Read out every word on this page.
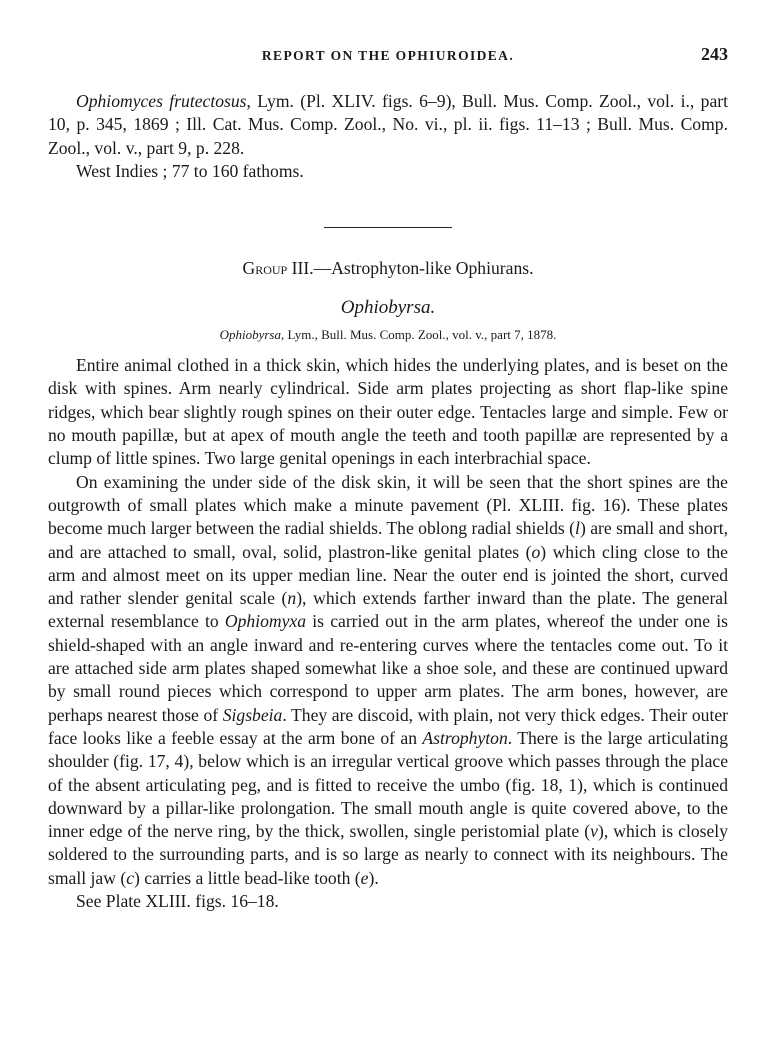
REPORT ON THE OPHIUROIDEA.	243

Ophiomyces frutectosus, Lym. (Pl. XLIV. figs. 6–9), Bull. Mus. Comp. Zool., vol. i., part 10, p. 345, 1869 ; Ill. Cat. Mus. Comp. Zool., No. vi., pl. ii. figs. 11–13 ; Bull. Mus. Comp. Zool., vol. v., part 9, p. 228.

West Indies ; 77 to 160 fathoms.

Group III.—Astrophyton-like Ophiurans.
Ophiobyrsa.
Ophiobyrsa, Lym., Bull. Mus. Comp. Zool., vol. v., part 7, 1878.

Entire animal clothed in a thick skin, which hides the underlying plates, and is beset on the disk with spines. Arm nearly cylindrical. Side arm plates projecting as short flap-like spine ridges, which bear slightly rough spines on their outer edge. Tentacles large and simple. Few or no mouth papillæ, but at apex of mouth angle the teeth and tooth papillæ are represented by a clump of little spines. Two large genital openings in each interbrachial space.

On examining the under side of the disk skin, it will be seen that the short spines are the outgrowth of small plates which make a minute pavement (Pl. XLIII. fig. 16). These plates become much larger between the radial shields. The oblong radial shields (l) are small and short, and are attached to small, oval, solid, plastron-like genital plates (o) which cling close to the arm and almost meet on its upper median line. Near the outer end is jointed the short, curved and rather slender genital scale (n), which extends farther inward than the plate. The general external resemblance to Ophiomyxa is carried out in the arm plates, whereof the under one is shield-shaped with an angle inward and re-entering curves where the tentacles come out. To it are attached side arm plates shaped somewhat like a shoe sole, and these are continued upward by small round pieces which correspond to upper arm plates. The arm bones, however, are perhaps nearest those of Sigsbeia. They are discoid, with plain, not very thick edges. Their outer face looks like a feeble essay at the arm bone of an Astrophyton. There is the large articulating shoulder (fig. 17, 4), below which is an irregular vertical groove which passes through the place of the absent articulating peg, and is fitted to receive the umbo (fig. 18, 1), which is continued downward by a pillar-like prolongation. The small mouth angle is quite covered above, to the inner edge of the nerve ring, by the thick, swollen, single peristomial plate (v), which is closely soldered to the surrounding parts, and is so large as nearly to connect with its neighbours. The small jaw (c) carries a little bead-like tooth (e).

See Plate XLIII. figs. 16–18.
